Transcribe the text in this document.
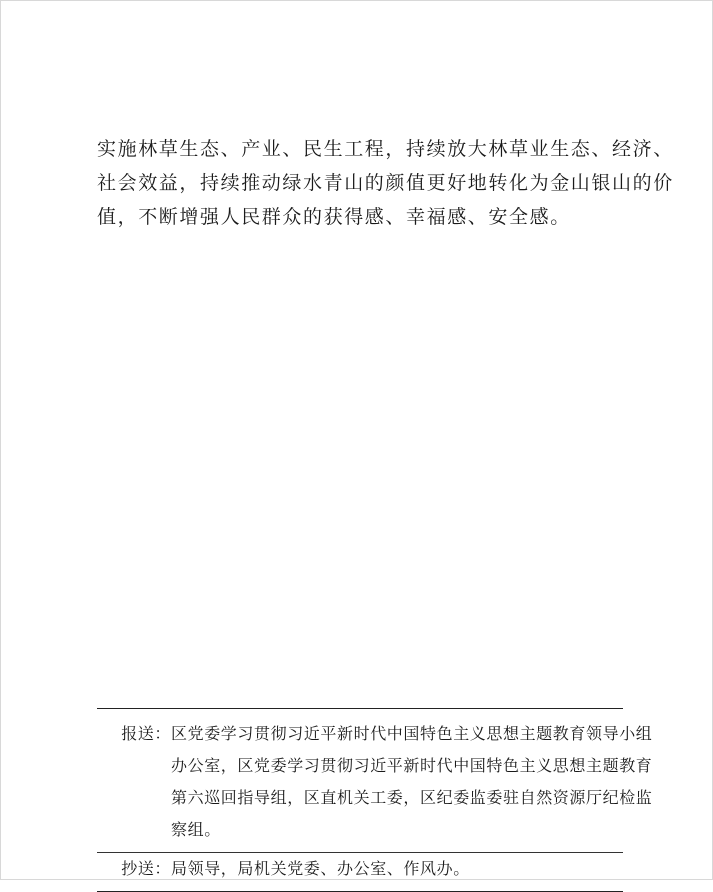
实施林草生态、产业、民生工程，持续放大林草业生态、经济、
社会效益，持续推动绿水青山的颜值更好地转化为金山银山的价
值，不断增强人民群众的获得感、幸福感、安全感。
报送： 区党委学习贯彻习近平新时代中国特色主义思想主题教育领导小组
办公室，区党委学习贯彻习近平新时代中国特色主义思想主题教育
第六巡回指导组，区直机关工委，区纪委监委驻自然资源厅纪检监
察组。
抄送： 局领导，局机关党委、办公室、作风办。
